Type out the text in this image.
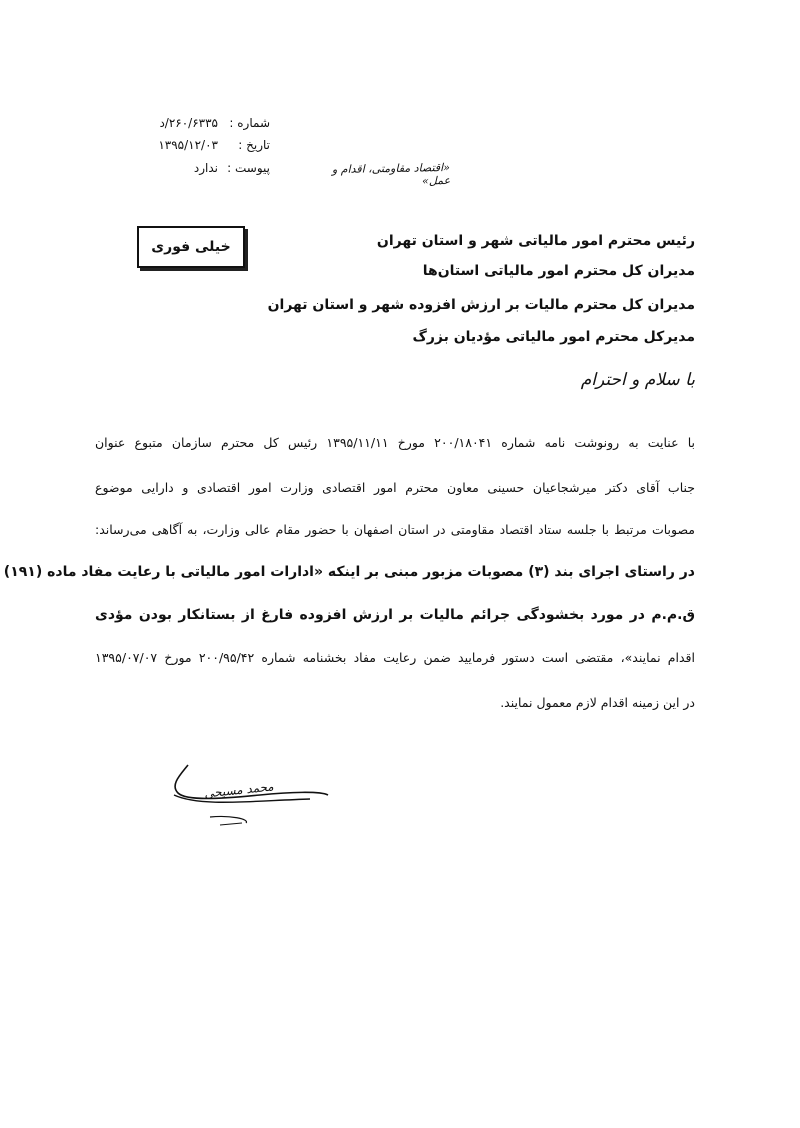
شماره :
۲۶۰/۶۳۳۵/د
تاریخ :
۱۳۹۵/۱۲/۰۳
پیوست :
ندارد	«اقتصاد مقاومتی، اقدام و عمل»
خیلی فوری	رئیس محترم امور مالیاتی شهر و استان تهران
مدیران کل محترم امور مالیاتی استان‌ها
مدیران کل محترم مالیات بر ارزش افزوده شهر و استان تهران
مدیرکل محترم امور مالیاتی مؤدیان بزرگ
با سلام و احترام
با عنایت به رونوشت نامه شماره ۲۰۰/۱۸۰۴۱ مورخ ۱۳۹۵/۱۱/۱۱ رئیس کل محترم سازمان متبوع عنوان
جناب آقای دکتر میرشجاعیان حسینی معاون محترم امور اقتصادی وزارت امور اقتصادی و دارایی موضوع
مصوبات مرتبط با جلسه ستاد اقتصاد مقاومتی در استان اصفهان با حضور مقام عالی وزارت، به آگاهی می‌رساند:
در راستای اجرای بند (۳) مصوبات مزبور مبنی بر اینکه «ادارات امور مالیاتی با رعایت مفاد ماده (۱۹۱)
ق.م.م در مورد بخشودگی جرائم مالیات بر ارزش افزوده فارغ از بستانکار بودن مؤدی
اقدام نمایند»، مقتضی است دستور فرمایید ضمن رعایت مفاد بخشنامه شماره ۲۰۰/۹۵/۴۲ مورخ ۱۳۹۵/۰۷/۰۷
در این زمینه اقدام لازم معمول نمایند.
محمد مسیحی
